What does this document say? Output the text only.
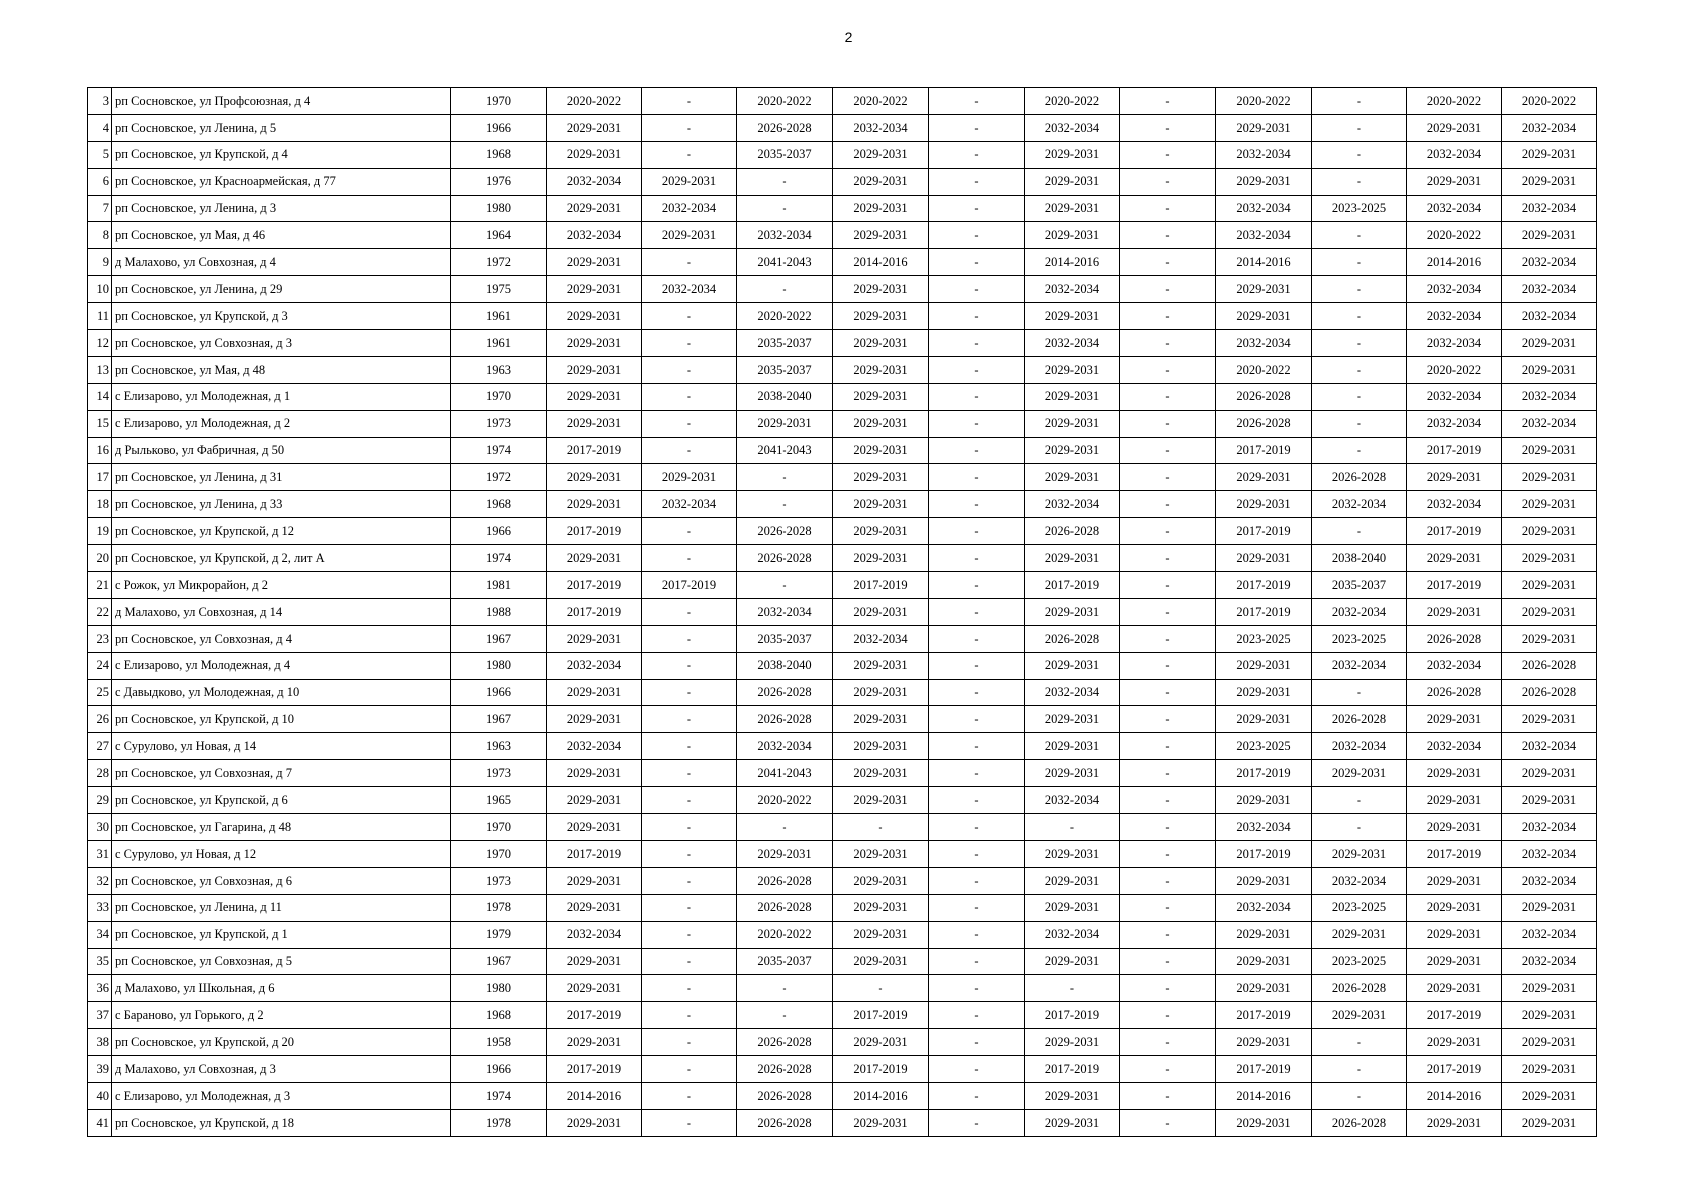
2
3	рп Сосновское, ул Профсоюзная, д 4	1970	2020-2022	-	2020-2022	2020-2022	-	2020-2022	-	2020-2022	-	2020-2022	2020-2022
4	рп Сосновское, ул Ленина, д 5	1966	2029-2031	-	2026-2028	2032-2034	-	2032-2034	-	2029-2031	-	2029-2031	2032-2034
5	рп Сосновское, ул Крупской, д 4	1968	2029-2031	-	2035-2037	2029-2031	-	2029-2031	-	2032-2034	-	2032-2034	2029-2031
6	рп Сосновское, ул Красноармейская, д 77	1976	2032-2034	2029-2031	-	2029-2031	-	2029-2031	-	2029-2031	-	2029-2031	2029-2031
7	рп Сосновское, ул Ленина, д 3	1980	2029-2031	2032-2034	-	2029-2031	-	2029-2031	-	2032-2034	2023-2025	2032-2034	2032-2034
8	рп Сосновское, ул Мая, д 46	1964	2032-2034	2029-2031	2032-2034	2029-2031	-	2029-2031	-	2032-2034	-	2020-2022	2029-2031
9	д Малахово, ул Совхозная, д 4	1972	2029-2031	-	2041-2043	2014-2016	-	2014-2016	-	2014-2016	-	2014-2016	2032-2034
10	рп Сосновское, ул Ленина, д 29	1975	2029-2031	2032-2034	-	2029-2031	-	2032-2034	-	2029-2031	-	2032-2034	2032-2034
11	рп Сосновское, ул Крупской, д 3	1961	2029-2031	-	2020-2022	2029-2031	-	2029-2031	-	2029-2031	-	2032-2034	2032-2034
12	рп Сосновское, ул Совхозная, д 3	1961	2029-2031	-	2035-2037	2029-2031	-	2032-2034	-	2032-2034	-	2032-2034	2029-2031
13	рп Сосновское, ул Мая, д 48	1963	2029-2031	-	2035-2037	2029-2031	-	2029-2031	-	2020-2022	-	2020-2022	2029-2031
14	с Елизарово, ул Молодежная, д 1	1970	2029-2031	-	2038-2040	2029-2031	-	2029-2031	-	2026-2028	-	2032-2034	2032-2034
15	с Елизарово, ул Молодежная, д 2	1973	2029-2031	-	2029-2031	2029-2031	-	2029-2031	-	2026-2028	-	2032-2034	2032-2034
16	д Рыльково, ул Фабричная, д 50	1974	2017-2019	-	2041-2043	2029-2031	-	2029-2031	-	2017-2019	-	2017-2019	2029-2031
17	рп Сосновское, ул Ленина, д 31	1972	2029-2031	2029-2031	-	2029-2031	-	2029-2031	-	2029-2031	2026-2028	2029-2031	2029-2031
18	рп Сосновское, ул Ленина, д 33	1968	2029-2031	2032-2034	-	2029-2031	-	2032-2034	-	2029-2031	2032-2034	2032-2034	2029-2031
19	рп Сосновское, ул Крупской, д 12	1966	2017-2019	-	2026-2028	2029-2031	-	2026-2028	-	2017-2019	-	2017-2019	2029-2031
20	рп Сосновское, ул Крупской, д 2, лит А	1974	2029-2031	-	2026-2028	2029-2031	-	2029-2031	-	2029-2031	2038-2040	2029-2031	2029-2031
21	с Рожок, ул Микрорайон, д 2	1981	2017-2019	2017-2019	-	2017-2019	-	2017-2019	-	2017-2019	2035-2037	2017-2019	2029-2031
22	д Малахово, ул Совхозная, д 14	1988	2017-2019	-	2032-2034	2029-2031	-	2029-2031	-	2017-2019	2032-2034	2029-2031	2029-2031
23	рп Сосновское, ул Совхозная, д 4	1967	2029-2031	-	2035-2037	2032-2034	-	2026-2028	-	2023-2025	2023-2025	2026-2028	2029-2031
24	с Елизарово, ул Молодежная, д 4	1980	2032-2034	-	2038-2040	2029-2031	-	2029-2031	-	2029-2031	2032-2034	2032-2034	2026-2028
25	с Давыдково, ул Молодежная, д 10	1966	2029-2031	-	2026-2028	2029-2031	-	2032-2034	-	2029-2031	-	2026-2028	2026-2028
26	рп Сосновское, ул Крупской, д 10	1967	2029-2031	-	2026-2028	2029-2031	-	2029-2031	-	2029-2031	2026-2028	2029-2031	2029-2031
27	с Сурулово, ул Новая, д 14	1963	2032-2034	-	2032-2034	2029-2031	-	2029-2031	-	2023-2025	2032-2034	2032-2034	2032-2034
28	рп Сосновское, ул Совхозная, д 7	1973	2029-2031	-	2041-2043	2029-2031	-	2029-2031	-	2017-2019	2029-2031	2029-2031	2029-2031
29	рп Сосновское, ул Крупской, д 6	1965	2029-2031	-	2020-2022	2029-2031	-	2032-2034	-	2029-2031	-	2029-2031	2029-2031
30	рп Сосновское, ул Гагарина, д 48	1970	2029-2031	-	-	-	-	-	-	2032-2034	-	2029-2031	2032-2034
31	с Сурулово, ул Новая, д 12	1970	2017-2019	-	2029-2031	2029-2031	-	2029-2031	-	2017-2019	2029-2031	2017-2019	2032-2034
32	рп Сосновское, ул Совхозная, д 6	1973	2029-2031	-	2026-2028	2029-2031	-	2029-2031	-	2029-2031	2032-2034	2029-2031	2032-2034
33	рп Сосновское, ул Ленина, д 11	1978	2029-2031	-	2026-2028	2029-2031	-	2029-2031	-	2032-2034	2023-2025	2029-2031	2029-2031
34	рп Сосновское, ул Крупской, д 1	1979	2032-2034	-	2020-2022	2029-2031	-	2032-2034	-	2029-2031	2029-2031	2029-2031	2032-2034
35	рп Сосновское, ул Совхозная, д 5	1967	2029-2031	-	2035-2037	2029-2031	-	2029-2031	-	2029-2031	2023-2025	2029-2031	2032-2034
36	д Малахово, ул Школьная, д 6	1980	2029-2031	-	-	-	-	-	-	2029-2031	2026-2028	2029-2031	2029-2031
37	с Бараново, ул Горького, д 2	1968	2017-2019	-	-	2017-2019	-	2017-2019	-	2017-2019	2029-2031	2017-2019	2029-2031
38	рп Сосновское, ул Крупской, д 20	1958	2029-2031	-	2026-2028	2029-2031	-	2029-2031	-	2029-2031	-	2029-2031	2029-2031
39	д Малахово, ул Совхозная, д 3	1966	2017-2019	-	2026-2028	2017-2019	-	2017-2019	-	2017-2019	-	2017-2019	2029-2031
40	с Елизарово, ул Молодежная, д 3	1974	2014-2016	-	2026-2028	2014-2016	-	2029-2031	-	2014-2016	-	2014-2016	2029-2031
41	рп Сосновское, ул Крупской, д 18	1978	2029-2031	-	2026-2028	2029-2031	-	2029-2031	-	2029-2031	2026-2028	2029-2031	2029-2031
